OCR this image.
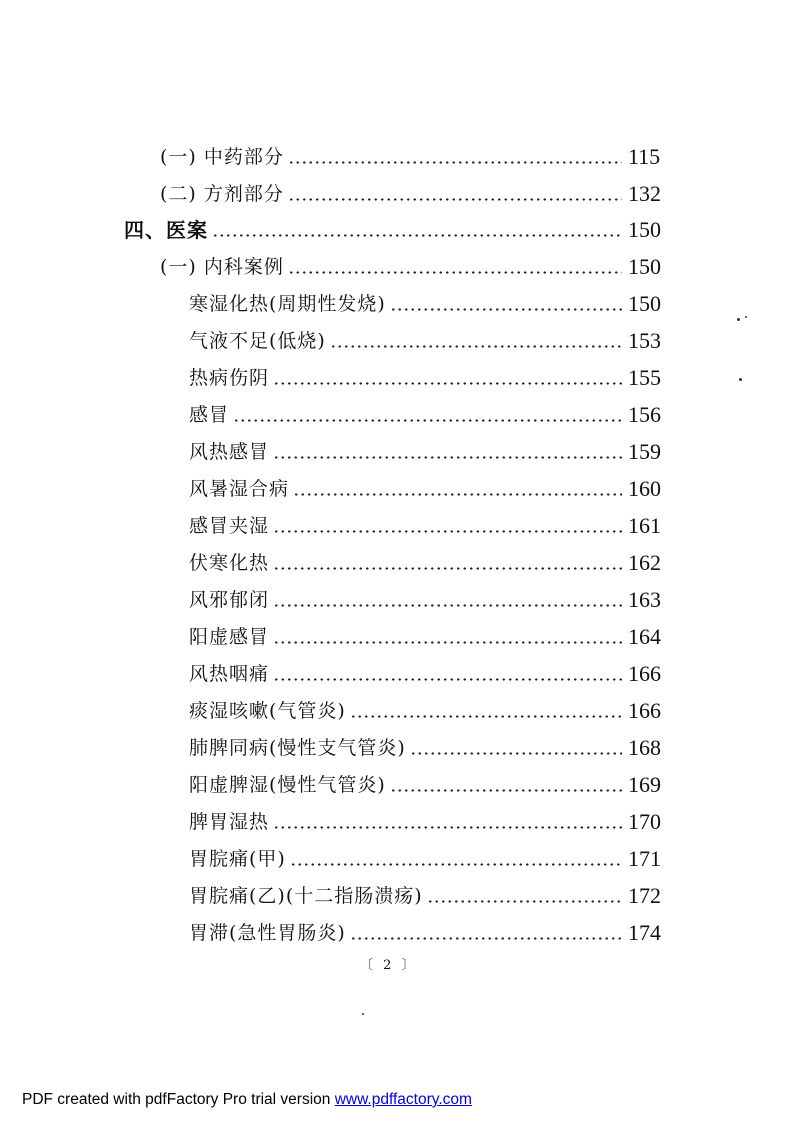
(一) 中药部分	115
(二) 方剂部分	132
四、医案	150
(一) 内科案例	150
寒湿化热(周期性发烧)	150
气液不足(低烧)	153
热病伤阴	155
感冒	156
风热感冒	159
风暑湿合病	160
感冒夹湿	161
伏寒化热	162
风邪郁闭	163
阳虚感冒	164
风热咽痛	166
痰湿咳嗽(气管炎)	166
肺脾同病(慢性支气管炎)	168
阳虚脾湿(慢性气管炎)	169
脾胃湿热	170
胃脘痛(甲)	171
胃脘痛(乙)(十二指肠溃疡)	172
胃滞(急性胃肠炎)	174
〔 2 〕
PDF created with pdfFactory Pro trial version www.pdffactory.com
